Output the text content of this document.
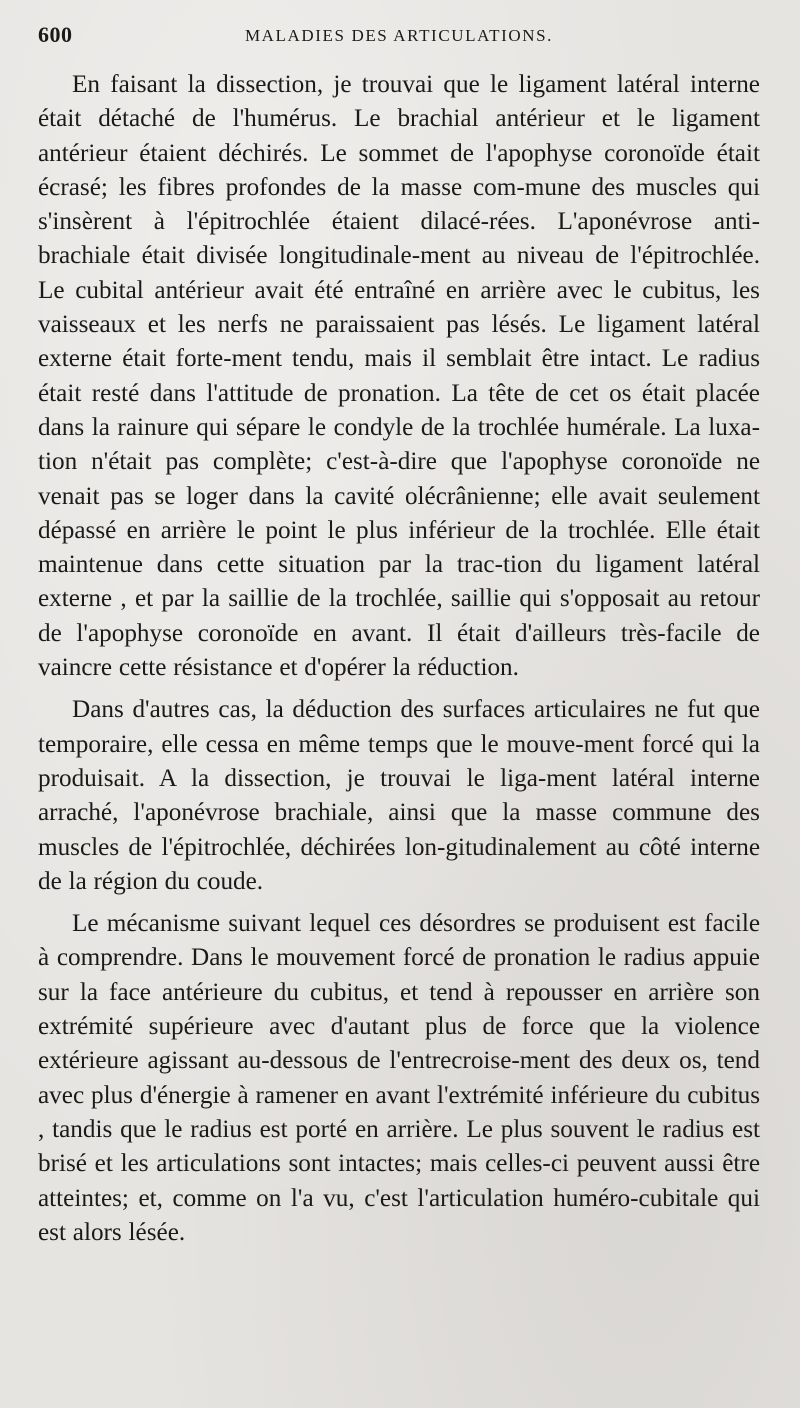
600	MALADIES DES ARTICULATIONS.

En faisant la dissection, je trouvai que le ligament latéral interne était détaché de l'humérus. Le brachial antérieur et le ligament antérieur étaient déchirés. Le sommet de l'apophyse coronoïde était écrasé; les fibres profondes de la masse com-mune des muscles qui s'insèrent à l'épitrochlée étaient dilacé-rées. L'aponévrose anti-brachiale était divisée longitudinale-ment au niveau de l'épitrochlée. Le cubital antérieur avait été entraîné en arrière avec le cubitus, les vaisseaux et les nerfs ne paraissaient pas lésés. Le ligament latéral externe était forte-ment tendu, mais il semblait être intact. Le radius était resté dans l'attitude de pronation. La tête de cet os était placée dans la rainure qui sépare le condyle de la trochlée humérale. La luxa-tion n'était pas complète; c'est-à-dire que l'apophyse coronoïde ne venait pas se loger dans la cavité olécrânienne; elle avait seulement dépassé en arrière le point le plus inférieur de la trochlée. Elle était maintenue dans cette situation par la trac-tion du ligament latéral externe , et par la saillie de la trochlée, saillie qui s'opposait au retour de l'apophyse coronoïde en avant. Il était d'ailleurs très-facile de vaincre cette résistance et d'opérer la réduction.

Dans d'autres cas, la déduction des surfaces articulaires ne fut que temporaire, elle cessa en même temps que le mouve-ment forcé qui la produisait. A la dissection, je trouvai le liga-ment latéral interne arraché, l'aponévrose brachiale, ainsi que la masse commune des muscles de l'épitrochlée, déchirées lon-gitudinalement au côté interne de la région du coude.

Le mécanisme suivant lequel ces désordres se produisent est facile à comprendre. Dans le mouvement forcé de pronation le radius appuie sur la face antérieure du cubitus, et tend à repousser en arrière son extrémité supérieure avec d'autant plus de force que la violence extérieure agissant au-dessous de l'entrecroise-ment des deux os, tend avec plus d'énergie à ramener en avant l'extrémité inférieure du cubitus , tandis que le radius est porté en arrière. Le plus souvent le radius est brisé et les articulations sont intactes; mais celles-ci peuvent aussi être atteintes; et, comme on l'a vu, c'est l'articulation huméro-cubitale qui est alors lésée.
